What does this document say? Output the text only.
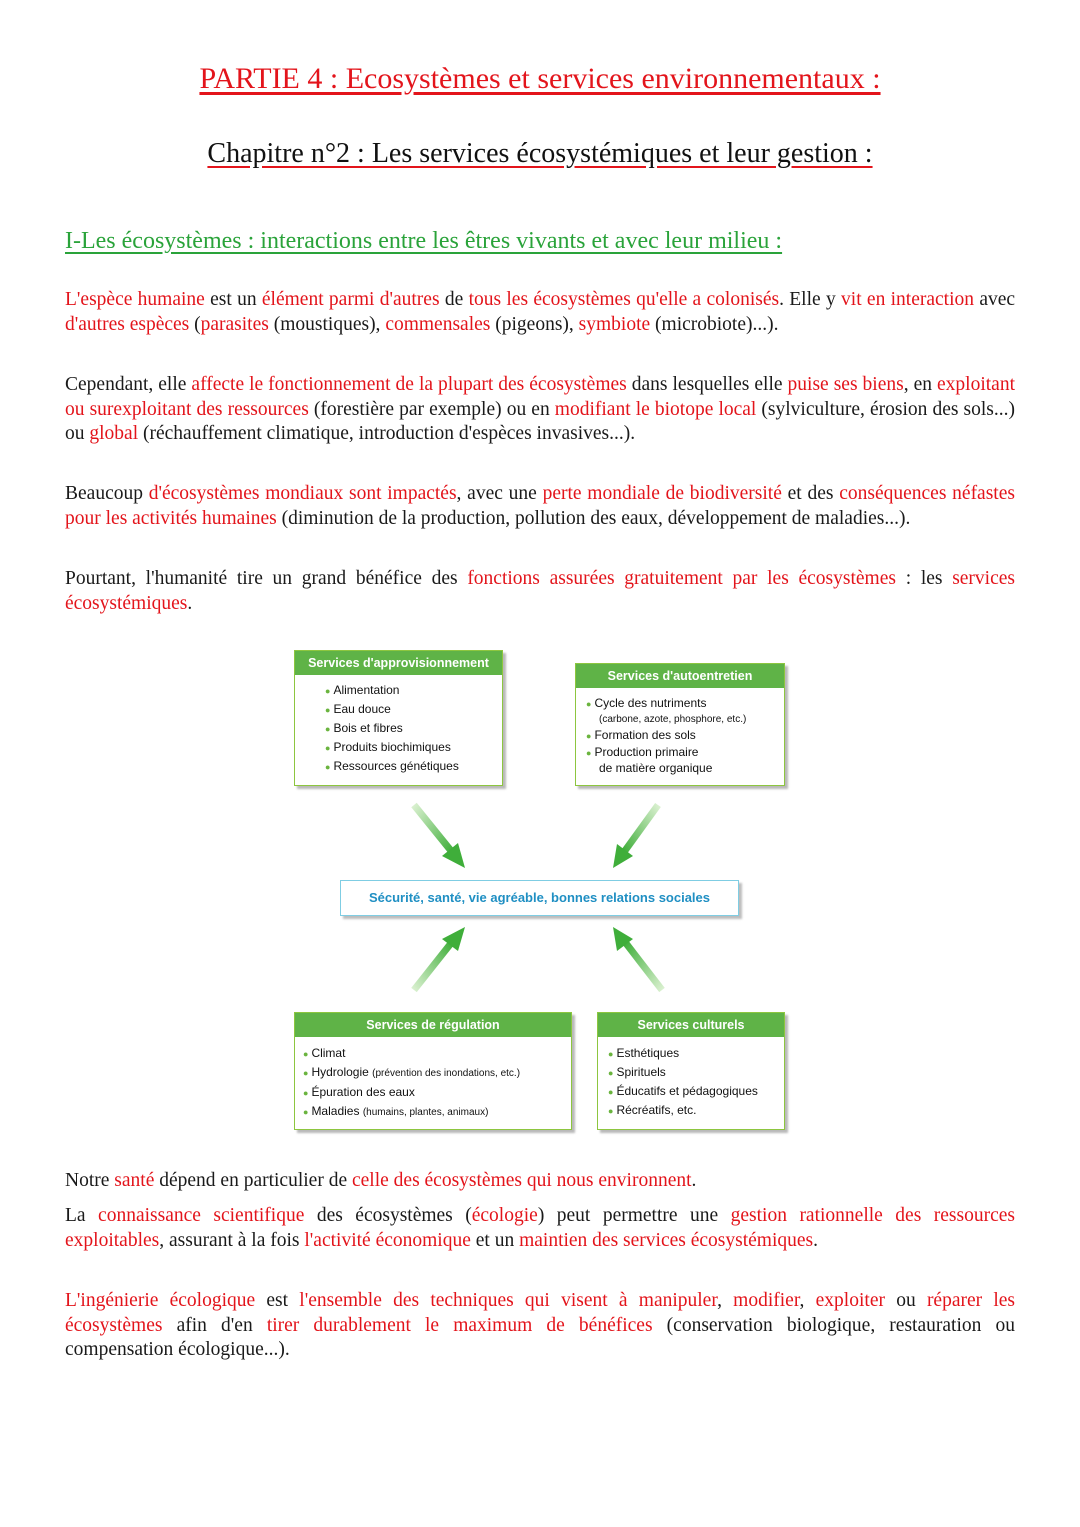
PARTIE 4 : Ecosystèmes et services environnementaux :
Chapitre n°2 : Les services écosystémiques et leur gestion :
I-Les écosystèmes : interactions entre les êtres vivants et avec leur milieu :

L'espèce humaine est un élément parmi d'autres de tous les écosystèmes qu'elle a colonisés. Elle y vit en interaction avec d'autres espèces (parasites (moustiques), commensales (pigeons), symbiote (microbiote)...).

Cependant, elle affecte le fonctionnement de la plupart des écosystèmes dans lesquelles elle puise ses biens, en exploitant ou surexploitant des ressources (forestière par exemple) ou en modifiant le biotope local (sylviculture, érosion des sols...) ou global (réchauffement climatique, introduction d'espèces invasives...).

Beaucoup d'écosystèmes mondiaux sont impactés, avec une perte mondiale de biodiversité et des conséquences néfastes pour les activités humaines (diminution de la production, pollution des eaux, développement de maladies...).

Pourtant, l'humanité tire un grand bénéfice des fonctions assurées gratuitement par les écosystèmes : les services écosystémiques.

Services d'approvisionnement
● Alimentation
● Eau douce
● Bois et fibres
● Produits biochimiques
● Ressources génétiques
Services d'autoentretien
● Cycle des nutriments
(carbone, azote, phosphore, etc.)
● Formation des sols
● Production primaire
de matière organique
Sécurité, santé, vie agréable, bonnes relations sociales
Services de régulation
● Climat
● Hydrologie (prévention des inondations, etc.)
● Épuration des eaux
● Maladies (humains, plantes, animaux)
Services culturels
● Esthétiques
● Spirituels
● Éducatifs et pédagogiques
● Récréatifs, etc.

Notre santé dépend en particulier de celle des écosystèmes qui nous environnent.

La connaissance scientifique des écosystèmes (écologie) peut permettre une gestion rationnelle des ressources exploitables, assurant à la fois l'activité économique et un maintien des services écosystémiques.

L'ingénierie écologique est l'ensemble des techniques qui visent à manipuler, modifier, exploiter ou réparer les écosystèmes afin d'en tirer durablement le maximum de bénéfices (conservation biologique, restauration ou compensation écologique...).
